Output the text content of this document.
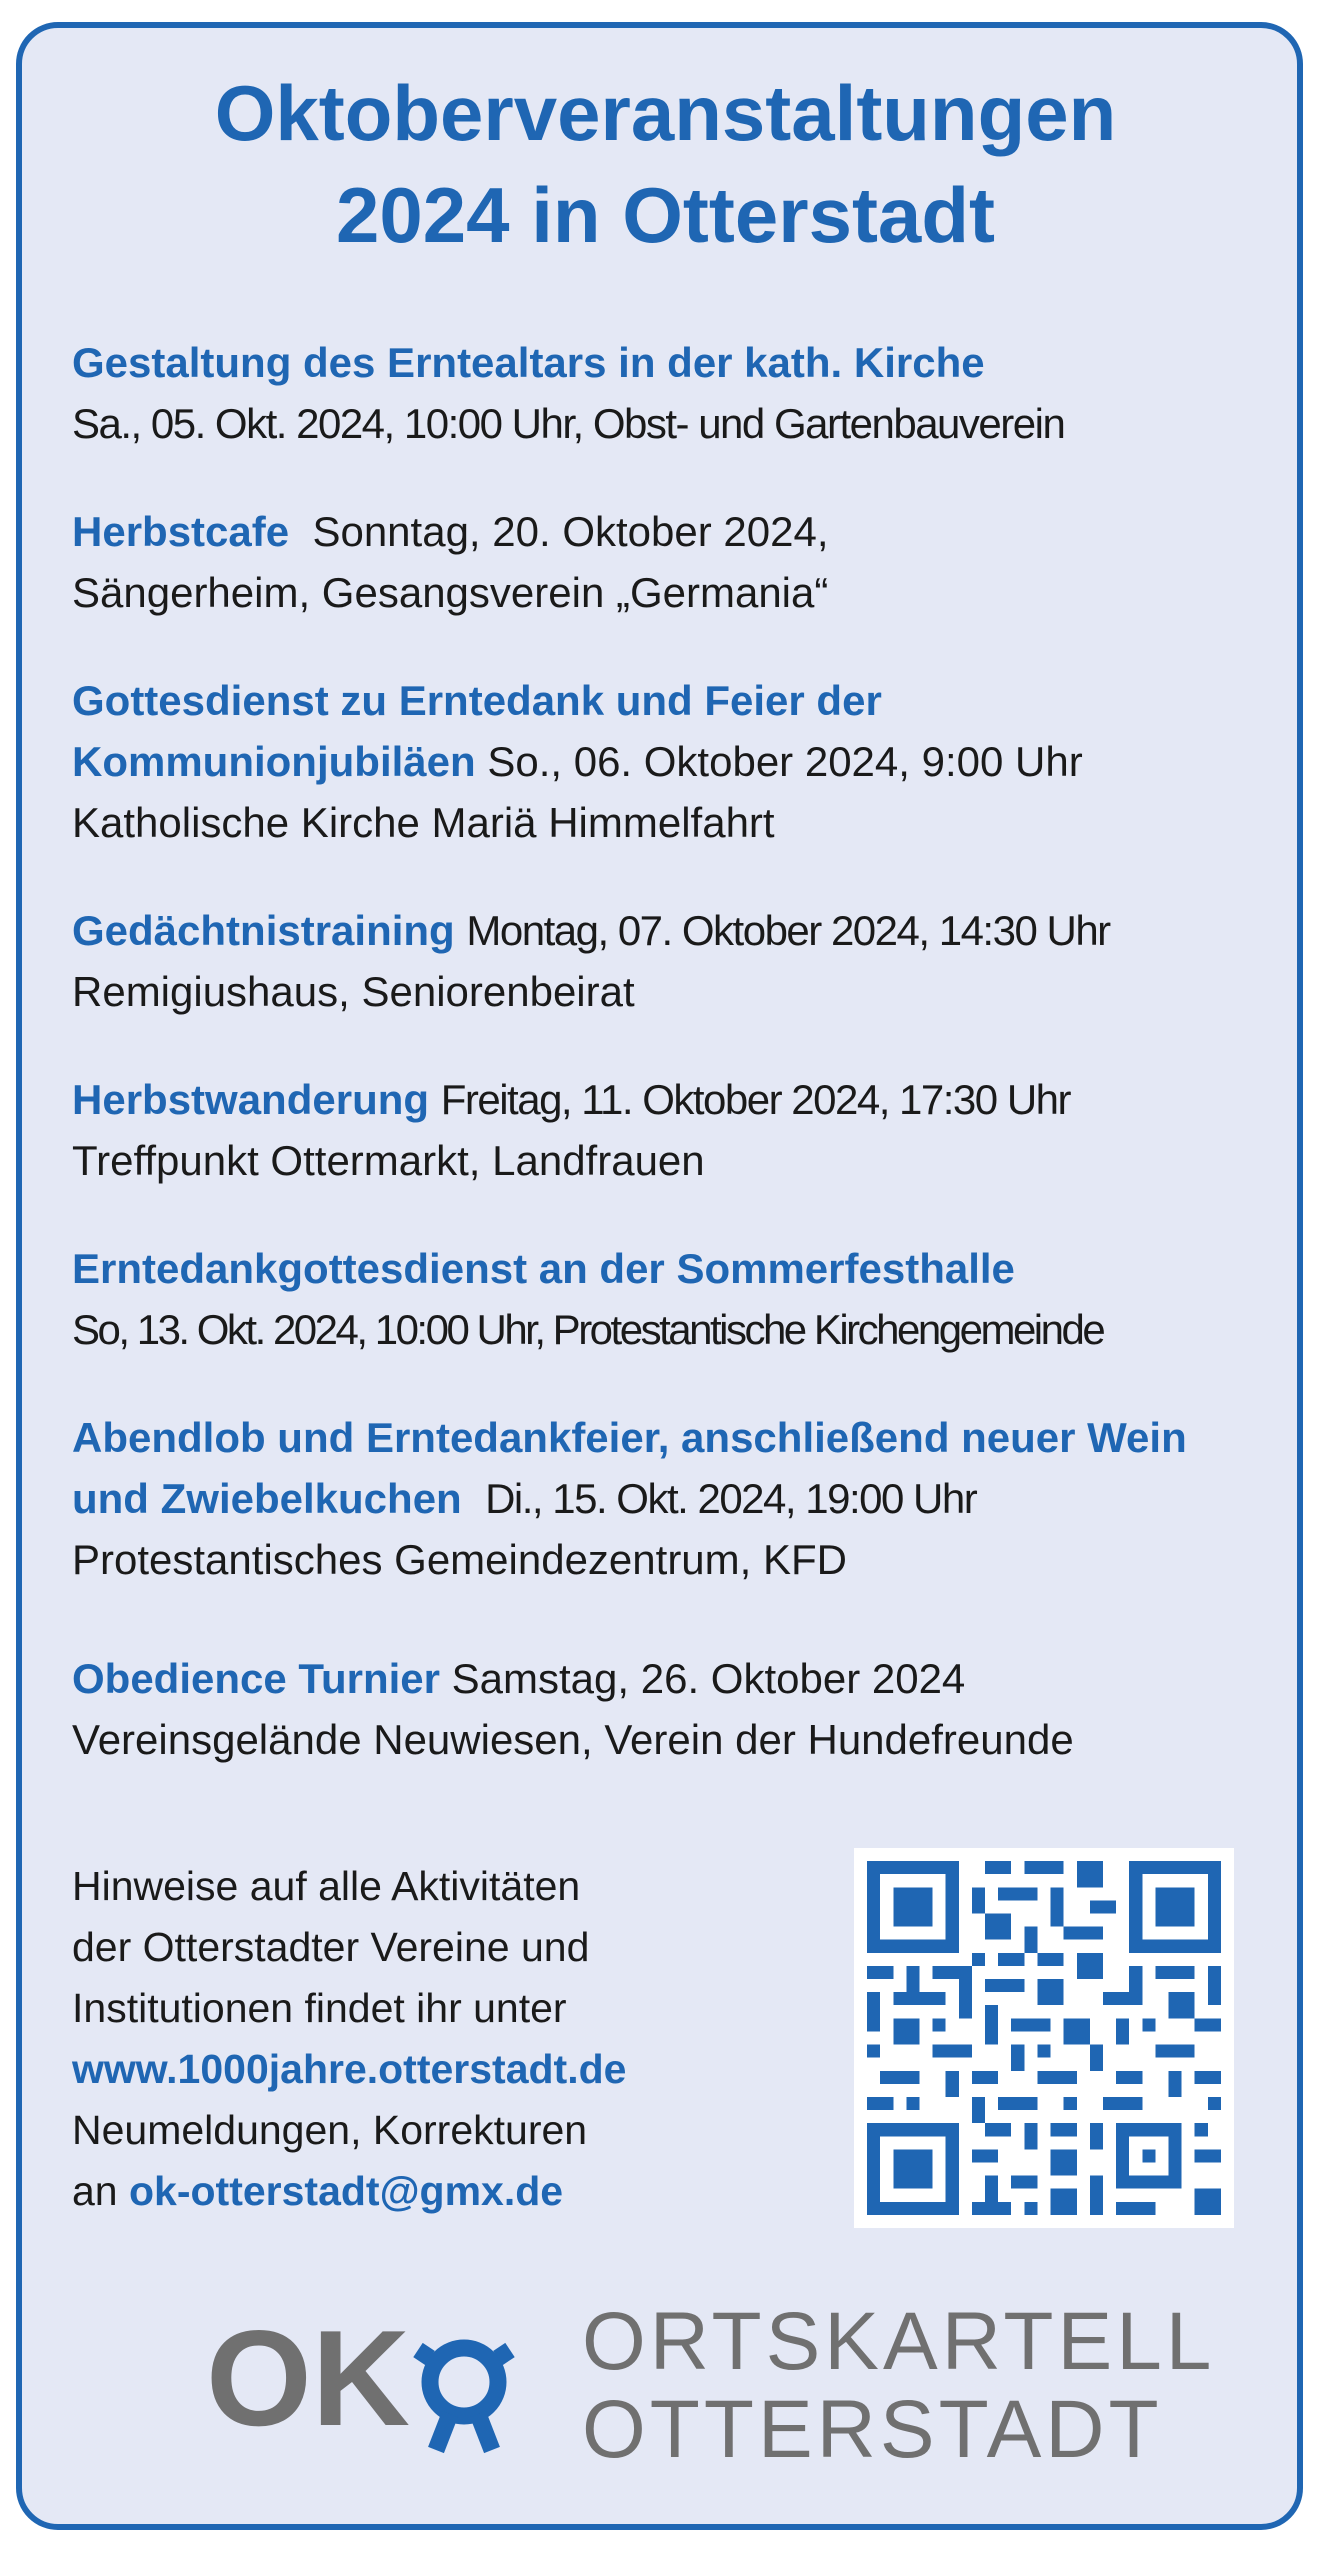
Oktoberveranstaltungen
2024 in Otterstadt
Gestaltung des Erntealtars in der kath. Kirche
Sa., 05. Okt. 2024, 10:00 Uhr, Obst- und Gartenbauverein
Herbstcafe Sonntag, 20. Oktober 2024,
Sängerheim, Gesangsverein „Germania“
Gottesdienst zu Erntedank und Feier der Kommunionjubiläen So., 06. Oktober 2024, 9:00 Uhr
Katholische Kirche Mariä Himmelfahrt
Gedächtnistraining Montag, 07. Oktober 2024, 14:30 Uhr
Remigiushaus, Seniorenbeirat
Herbstwanderung Freitag, 11. Oktober 2024, 17:30 Uhr
Treffpunkt Ottermarkt, Landfrauen
Erntedankgottesdienst an der Sommerfesthalle
So, 13. Okt. 2024, 10:00 Uhr, Protestantische Kirchengemeinde
Abendlob und Erntedankfeier, anschließend neuer Wein und Zwiebelkuchen Di., 15. Okt. 2024, 19:00 Uhr
Protestantisches Gemeindezentrum, KFD
Obedience Turnier Samstag, 26. Oktober 2024
Vereinsgelände Neuwiesen, Verein der Hundefreunde
Hinweise auf alle Aktivitäten
der Otterstadter Vereine und
Institutionen findet ihr unter
www.1000jahre.otterstadt.de
Neumeldungen, Korrekturen
an ok-otterstadt@gmx.de
OK ORTSKARTELL
OTTERSTADT
